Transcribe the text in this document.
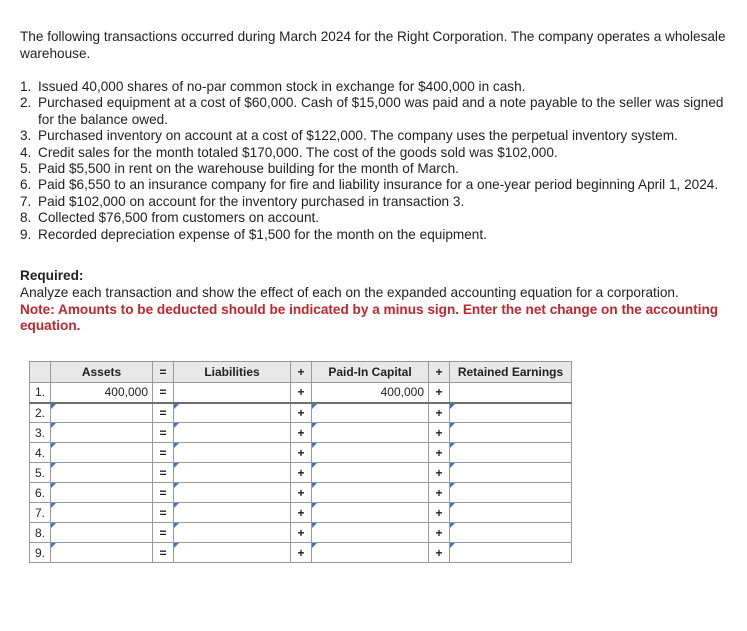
The following transactions occurred during March 2024 for the Right Corporation. The company operates a wholesale warehouse.
1. Issued 40,000 shares of no-par common stock in exchange for $400,000 in cash.
2. Purchased equipment at a cost of $60,000. Cash of $15,000 was paid and a note payable to the seller was signed for the balance owed.
3. Purchased inventory on account at a cost of $122,000. The company uses the perpetual inventory system.
4. Credit sales for the month totaled $170,000. The cost of the goods sold was $102,000.
5. Paid $5,500 in rent on the warehouse building for the month of March.
6. Paid $6,550 to an insurance company for fire and liability insurance for a one-year period beginning April 1, 2024.
7. Paid $102,000 on account for the inventory purchased in transaction 3.
8. Collected $76,500 from customers on account.
9. Recorded depreciation expense of $1,500 for the month on the equipment.
Required:
Analyze each transaction and show the effect of each on the expanded accounting equation for a corporation.
Note: Amounts to be deducted should be indicated by a minus sign. Enter the net change on the accounting equation.
	Assets	=	Liabilities	+	Paid-In Capital	+	Retained Earnings
1.	400,000	=		+	400,000	+	
2.		=		+		+	

3.		=		+		+	

4.		=		+		+	

5.		=		+		+	

6.		=		+		+	

7.		=		+		+	

8.		=		+		+	

9.		=		+		+	
